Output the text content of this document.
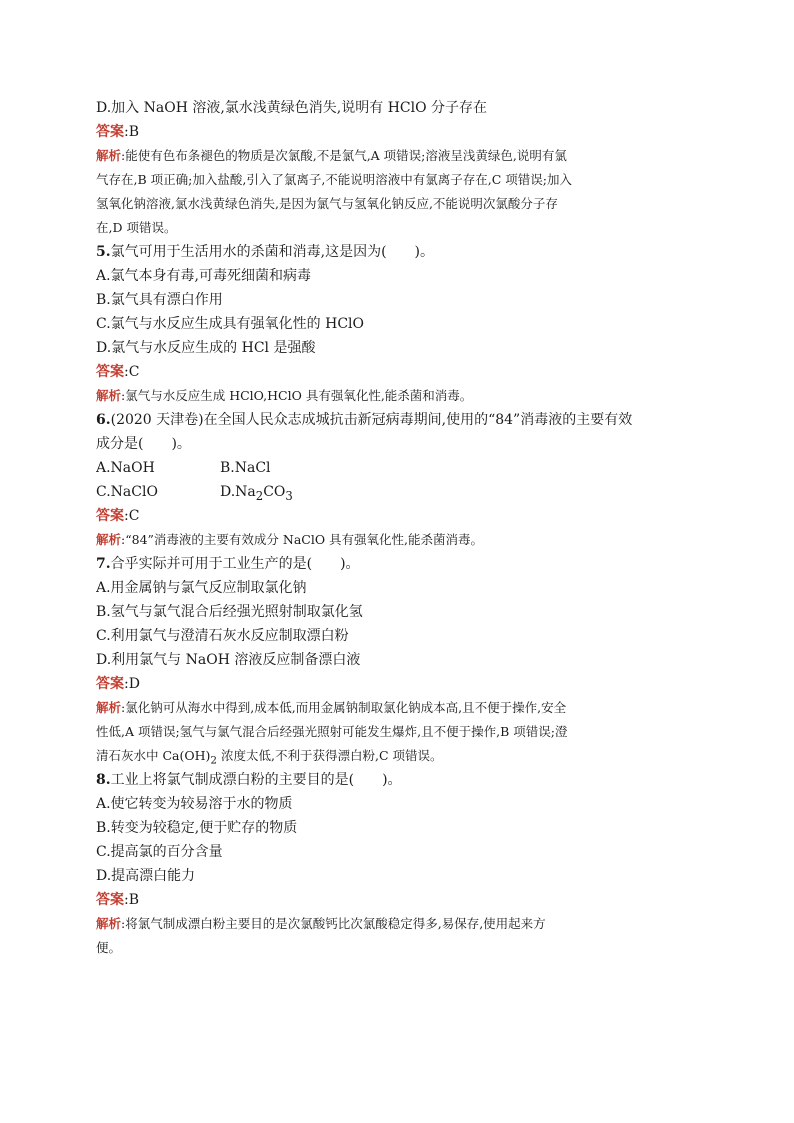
D.加入 NaOH 溶液,氯水浅黄绿色消失,说明有 HClO 分子存在
答案:B
解析:能使有色布条褪色的物质是次氯酸,不是氯气,A 项错误;溶液呈浅黄绿色,说明有氯
气存在,B 项正确;加入盐酸,引入了氯离子,不能说明溶液中有氯离子存在,C 项错误;加入
氢氧化钠溶液,氯水浅黄绿色消失,是因为氯气与氢氧化钠反应,不能说明次氯酸分子存
在,D 项错误。
5.氯气可用于生活用水的杀菌和消毒,这是因为(　　)。
A.氯气本身有毒,可毒死细菌和病毒
B.氯气具有漂白作用
C.氯气与水反应生成具有强氧化性的 HClO
D.氯气与水反应生成的 HCl 是强酸
答案:C
解析:氯气与水反应生成 HClO,HClO 具有强氧化性,能杀菌和消毒。
6.(2020 天津卷)在全国人民众志成城抗击新冠病毒期间,使用的“84”消毒液的主要有效
成分是(　　)。
A.NaOH	B.NaCl
C.NaClO	$D.Na_2CO_3$
答案:C
解析:“84”消毒液的主要有效成分 NaClO 具有强氧化性,能杀菌消毒。
7.合乎实际并可用于工业生产的是(　　)。
A.用金属钠与氯气反应制取氯化钠
B.氢气与氯气混合后经强光照射制取氯化氢
C.利用氯气与澄清石灰水反应制取漂白粉
D.利用氯气与 NaOH 溶液反应制备漂白液
答案:D
解析:氯化钠可从海水中得到,成本低,而用金属钠制取氯化钠成本高,且不便于操作,安全
性低,A 项错误;氢气与氯气混合后经强光照射可能发生爆炸,且不便于操作,B 项错误;澄
清石灰水中 $Ca(OH)_2$ 浓度太低,不利于获得漂白粉,C 项错误。
8.工业上将氯气制成漂白粉的主要目的是(　　)。
A.使它转变为较易溶于水的物质
B.转变为较稳定,便于贮存的物质
C.提高氯的百分含量
D.提高漂白能力
答案:B
解析:将氯气制成漂白粉主要目的是次氯酸钙比次氯酸稳定得多,易保存,使用起来方
便。
